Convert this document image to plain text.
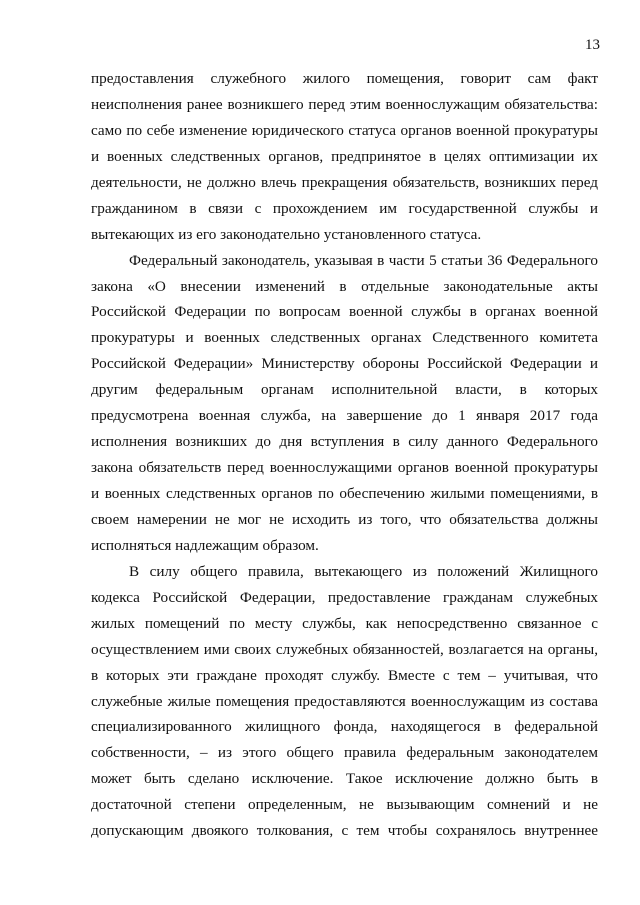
13
предоставления служебного жилого помещения, говорит сам факт
неисполнения ранее возникшего перед этим военнослужащим обязательства:
само по себе изменение юридического статуса органов военной прокуратуры
и военных следственных органов, предпринятое в целях оптимизации их
деятельности, не должно влечь прекращения обязательств, возникших перед
гражданином в связи с прохождением им государственной службы и
вытекающих из его законодательно установленного статуса.
Федеральный законодатель, указывая в части 5 статьи 36 Федерального
закона «О внесении изменений в отдельные законодательные акты
Российской Федерации по вопросам военной службы в органах военной
прокуратуры и военных следственных органах Следственного комитета
Российской Федерации» Министерству обороны Российской Федерации и
другим федеральным органам исполнительной власти, в которых
предусмотрена военная служба, на завершение до 1 января 2017 года
исполнения возникших до дня вступления в силу данного Федерального
закона обязательств перед военнослужащими органов военной прокуратуры
и военных следственных органов по обеспечению жилыми помещениями, в
своем намерении не мог не исходить из того, что обязательства должны
исполняться надлежащим образом.
В силу общего правила, вытекающего из положений Жилищного
кодекса Российской Федерации, предоставление гражданам служебных
жилых помещений по месту службы, как непосредственно связанное с
осуществлением ими своих служебных обязанностей, возлагается на органы,
в которых эти граждане проходят службу. Вместе с тем – учитывая, что
служебные жилые помещения предоставляются военнослужащим из состава
специализированного жилищного фонда, находящегося в федеральной
собственности, – из этого общего правила федеральным законодателем
может быть сделано исключение. Такое исключение должно быть в
достаточной степени определенным, не вызывающим сомнений и не
допускающим двоякого толкования, с тем чтобы сохранялось внутреннее
